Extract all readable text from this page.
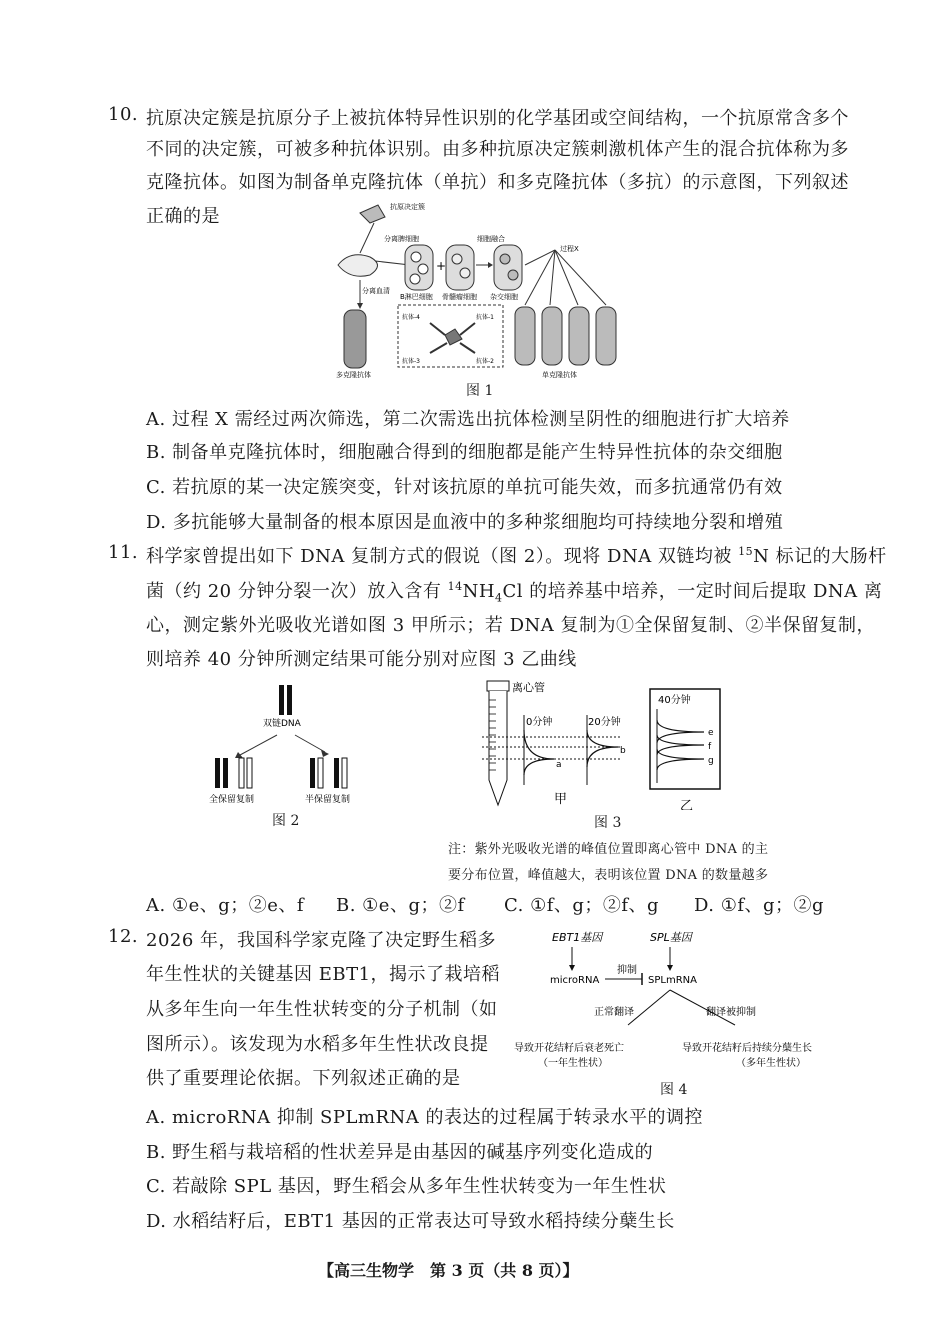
10. 抗原决定簇是抗原分子上被抗体特异性识别的化学基团或空间结构，一个抗原常含多个
不同的决定簇，可被多种抗体识别。由多种抗原决定簇刺激机体产生的混合抗体称为多
克隆抗体。如图为制备单克隆抗体（单抗）和多克隆抗体（多抗）的示意图，下列叙述
正确的是
+
抗原决定簇
分离脾细胞	细胞融合
分离血清
过程X
B淋巴细胞 骨髓瘤细胞 杂交细胞
多克隆抗体	单克隆抗体
抗体-4	抗体-1
抗体-3	抗体-2
图 1
A. 过程 X 需经过两次筛选，第二次需选出抗体检测呈阴性的细胞进行扩大培养
B. 制备单克隆抗体时，细胞融合得到的细胞都是能产生特异性抗体的杂交细胞
C. 若抗原的某一决定簇突变，针对该抗原的单抗可能失效，而多抗通常仍有效
D. 多抗能够大量制备的根本原因是血液中的多种浆细胞均可持续地分裂和增殖
11. 科学家曾提出如下 DNA 复制方式的假说（图 2）。现将 DNA 双链均被 $^{15}$N 标记的大肠杆
菌（约 20 分钟分裂一次）放入含有 $^{14}NH_4Cl$ 的培养基中培养，一定时间后提取 DNA 离
心，测定紫外光吸收光谱如图 3 甲所示；若 DNA 复制为①全保留复制、②半保留复制，
则培养 40 分钟所测定结果可能分别对应图 3 乙曲线
双链DNA
全保留复制	半保留复制
图 2
离心管
0分钟
a
20分钟
b
40分钟
e
f
g
甲	乙
图 3
注：紫外光吸收光谱的峰值位置即离心管中 DNA 的主
要分布位置，峰值越大，表明该位置 DNA 的数量越多
A. ①e、g；②e、f B. ①e、g；②f C. ①f、g；②f、g D. ①f、g；②g
12. 2026 年，我国科学家克隆了决定野生稻多
年生性状的关键基因 EBT1，揭示了栽培稻
从多年生向一年生性状转变的分子机制（如
图所示）。该发现为水稻多年生性状改良提
供了重要理论依据。下列叙述正确的是
EBT1基因	SPL基因
microRNA
抑制
SPLmRNA
正常翻译	翻译被抑制
导致开花结籽后衰老死亡
（一年生性状）
导致开花结籽后持续分蘖生长
（多年生性状）
图 4
A. microRNA 抑制 SPLmRNA 的表达的过程属于转录水平的调控
B. 野生稻与栽培稻的性状差异是由基因的碱基序列变化造成的
C. 若敲除 SPL 基因，野生稻会从多年生性状转变为一年生性状
D. 水稻结籽后，EBT1 基因的正常表达可导致水稻持续分蘖生长
【高三生物学　第 3 页（共 8 页）】
